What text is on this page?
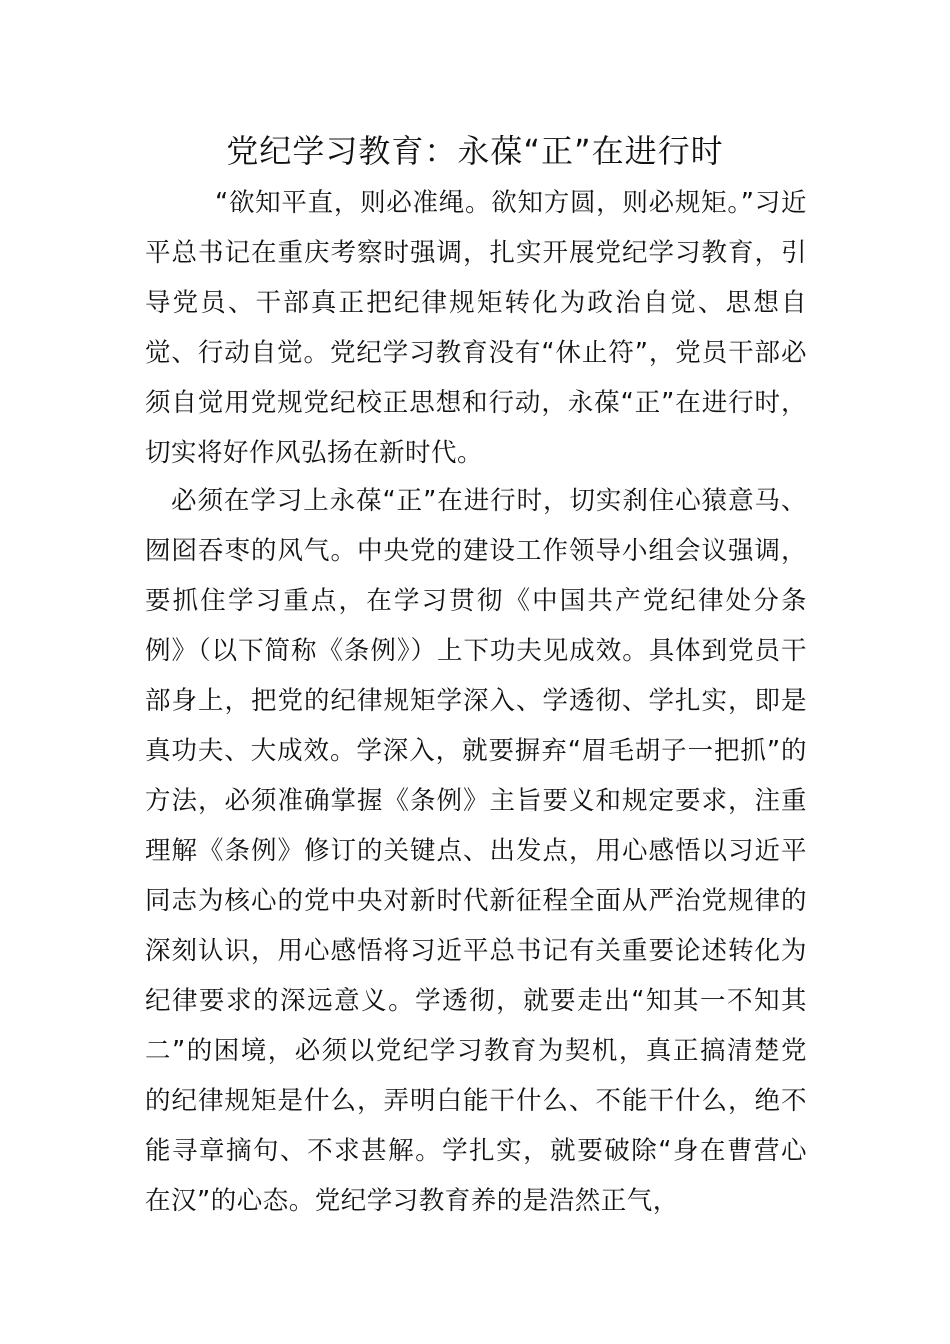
党纪学习教育：永葆“正”在进行时

“欲知平直，则必准绳。欲知方圆，则必规矩。”习近平总书记在重庆考察时强调，扎实开展党纪学习教育，引导党员、干部真正把纪律规矩转化为政治自觉、思想自觉、行动自觉。党纪学习教育没有“休止符”，党员干部必须自觉用党规党纪校正思想和行动，永葆“正”在进行时，切实将好作风弘扬在新时代。

必须在学习上永葆“正”在进行时，切实刹住心猿意马、囫囵吞枣的风气。中央党的建设工作领导小组会议强调，要抓住学习重点，在学习贯彻《中国共产党纪律处分条例》（以下简称《条例》）上下功夫见成效。具体到党员干部身上，把党的纪律规矩学深入、学透彻、学扎实，即是真功夫、大成效。学深入，就要摒弃“眉毛胡子一把抓”的方法，必须准确掌握《条例》主旨要义和规定要求，注重理解《条例》修订的关键点、出发点，用心感悟以习近平同志为核心的党中央对新时代新征程全面从严治党规律的深刻认识，用心感悟将习近平总书记有关重要论述转化为纪律要求的深远意义。学透彻，就要走出“知其一不知其二”的困境，必须以党纪学习教育为契机，真正搞清楚党的纪律规矩是什么，弄明白能干什么、不能干什么，绝不能寻章摘句、不求甚解。学扎实，就要破除“身在曹营心在汉”的心态。党纪学习教育养的是浩然正气，
